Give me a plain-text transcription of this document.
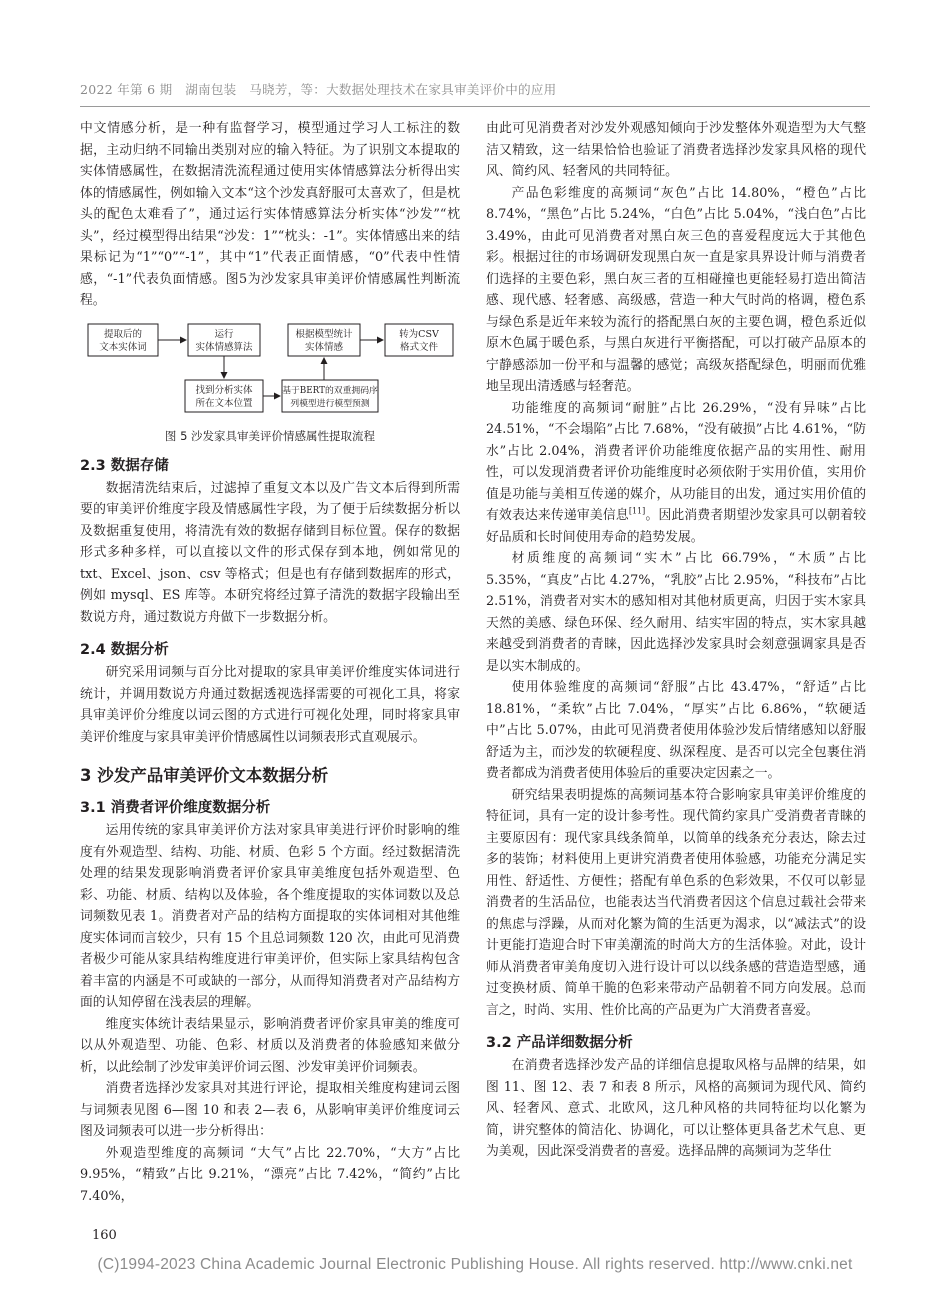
2022 年第 6 期　湖南包装　马晓芳，等：大数据处理技术在家具审美评价中的应用

中文情感分析，是一种有监督学习，模型通过学习人工标注的数据，主动归纳不同输出类别对应的输入特征。为了识别文本提取的实体情感属性，在数据清洗流程通过使用实体情感算法分析得出实体的情感属性，例如输入文本“这个沙发真舒服可太喜欢了，但是枕头的配色太难看了”，通过运行实体情感算法分析实体“沙发”“枕头”，经过模型得出结果“沙发：1”“枕头：-1”。实体情感出来的结果标记为“1”“0”“-1”，其中“1”代表正面情感，“0”代表中性情感，“-1”代表负面情感。图5为沙发家具审美评价情感属性判断流程。

提取后的
文本实体词
运行
实体情感算法
根据模型统计
实体情感
转为CSV
格式文件
找到分析实体
所在文本位置
基于BERT的双重拥码序
列模型进行模型预测
图 5 沙发家具审美评价情感属性提取流程
2.3 数据存储

数据清洗结束后，过滤掉了重复文本以及广告文本后得到所需要的审美评价维度字段及情感属性字段，为了便于后续数据分析以及数据重复使用，将清洗有效的数据存储到目标位置。保存的数据形式多种多样，可以直接以文件的形式保存到本地，例如常见的 txt、Excel、json、csv 等格式；但是也有存储到数据库的形式，例如 mysql、ES 库等。本研究将经过算子清洗的数据字段输出至数说方舟，通过数说方舟做下一步数据分析。

2.4 数据分析

研究采用词频与百分比对提取的家具审美评价维度实体词进行统计，并调用数说方舟通过数据透视选择需要的可视化工具，将家具审美评价分维度以词云图的方式进行可视化处理，同时将家具审美评价维度与家具审美评价情感属性以词频表形式直观展示。

3 沙发产品审美评价文本数据分析
3.1 消费者评价维度数据分析

运用传统的家具审美评价方法对家具审美进行评价时影响的维度有外观造型、结构、功能、材质、色彩 5 个方面。经过数据清洗处理的结果发现影响消费者评价家具审美维度包括外观造型、色彩、功能、材质、结构以及体验，各个维度提取的实体词数以及总词频数见表 1。消费者对产品的结构方面提取的实体词相对其他维度实体词而言较少，只有 15 个且总词频数 120 次，由此可见消费者极少可能从家具结构维度进行审美评价，但实际上家具结构包含着丰富的内涵是不可或缺的一部分，从而得知消费者对产品结构方面的认知停留在浅表层的理解。

维度实体统计表结果显示，影响消费者评价家具审美的维度可以从外观造型、功能、色彩、材质以及消费者的体验感知来做分析，以此绘制了沙发审美评价词云图、沙发审美评价词频表。

消费者选择沙发家具对其进行评论，提取相关维度构建词云图与词频表见图 6—图 10 和表 2—表 6，从影响审美评价维度词云图及词频表可以进一步分析得出：

外观造型维度的高频词 “大气”占比 22.70%，“大方”占比 9.95%，“精致”占比 9.21%，“漂亮”占比 7.42%，“简约”占比 7.40%，

由此可见消费者对沙发外观感知倾向于沙发整体外观造型为大气整洁又精致，这一结果恰恰也验证了消费者选择沙发家具风格的现代风、简约风、轻奢风的共同特征。

产品色彩维度的高频词“灰色”占比 14.80%，“橙色”占比 8.74%，“黑色”占比 5.24%，“白色”占比 5.04%，“浅白色”占比 3.49%，由此可见消费者对黑白灰三色的喜爱程度远大于其他色彩。根据过往的市场调研发现黑白灰一直是家具界设计师与消费者们选择的主要色彩，黑白灰三者的互相碰撞也更能轻易打造出简洁感、现代感、轻奢感、高级感，营造一种大气时尚的格调，橙色系与绿色系是近年来较为流行的搭配黑白灰的主要色调，橙色系近似原木色属于暖色系，与黑白灰进行平衡搭配，可以打破产品原本的宁静感添加一份平和与温馨的感觉；高级灰搭配绿色，明丽而优雅地呈现出清透感与轻奢范。

功能维度的高频词“耐脏”占比 26.29%，“没有异味”占比 24.51%，“不会塌陷”占比 7.68%，“没有破损”占比 4.61%，“防水”占比 2.04%，消费者评价功能维度依据产品的实用性、耐用性，可以发现消费者评价功能维度时必须依附于实用价值，实用价值是功能与美相互传递的媒介，从功能目的出发，通过实用价值的有效表达来传递审美信息[11]。因此消费者期望沙发家具可以朝着较好品质和长时间使用寿命的趋势发展。

材质维度的高频词“实木”占比 66.79%，“木质”占比 5.35%，“真皮”占比 4.27%，“乳胶”占比 2.95%，“科技布”占比 2.51%，消费者对实木的感知相对其他材质更高，归因于实木家具天然的美感、绿色环保、经久耐用、结实牢固的特点，实木家具越来越受到消费者的青睐，因此选择沙发家具时会刻意强调家具是否是以实木制成的。

使用体验维度的高频词“舒服”占比 43.47%，“舒适”占比 18.81%，“柔软”占比 7.04%，“厚实”占比 6.86%，“软硬适中”占比 5.07%，由此可见消费者使用体验沙发后情绪感知以舒服舒适为主，而沙发的软硬程度、纵深程度、是否可以完全包裹住消费者都成为消费者使用体验后的重要决定因素之一。

研究结果表明提炼的高频词基本符合影响家具审美评价维度的特征词，具有一定的设计参考性。现代简约家具广受消费者青睐的主要原因有：现代家具线条简单，以简单的线条充分表达，除去过多的装饰；材料使用上更讲究消费者使用体验感，功能充分满足实用性、舒适性、方便性；搭配有单色系的色彩效果，不仅可以彰显消费者的生活品位，也能表达当代消费者因这个信息过载社会带来的焦虑与浮躁，从而对化繁为简的生活更为渴求，以“减法式”的设计更能打造迎合时下审美潮流的时尚大方的生活体验。对此，设计师从消费者审美角度切入进行设计可以以线条感的营造造型感，通过变换材质、简单干脆的色彩来带动产品朝着不同方向发展。总而言之，时尚、实用、性价比高的产品更为广大消费者喜爱。

3.2 产品详细数据分析

在消费者选择沙发产品的详细信息提取风格与品牌的结果，如图 11、图 12、表 7 和表 8 所示，风格的高频词为现代风、简约风、轻奢风、意式、北欧风，这几种风格的共同特征均以化繁为简，讲究整体的简洁化、协调化，可以让整体更具备艺术气息、更为美观，因此深受消费者的喜爱。选择品牌的高频词为芝华仕

160
(C)1994-2023 China Academic Journal Electronic Publishing House. All rights reserved. http://www.cnki.net
